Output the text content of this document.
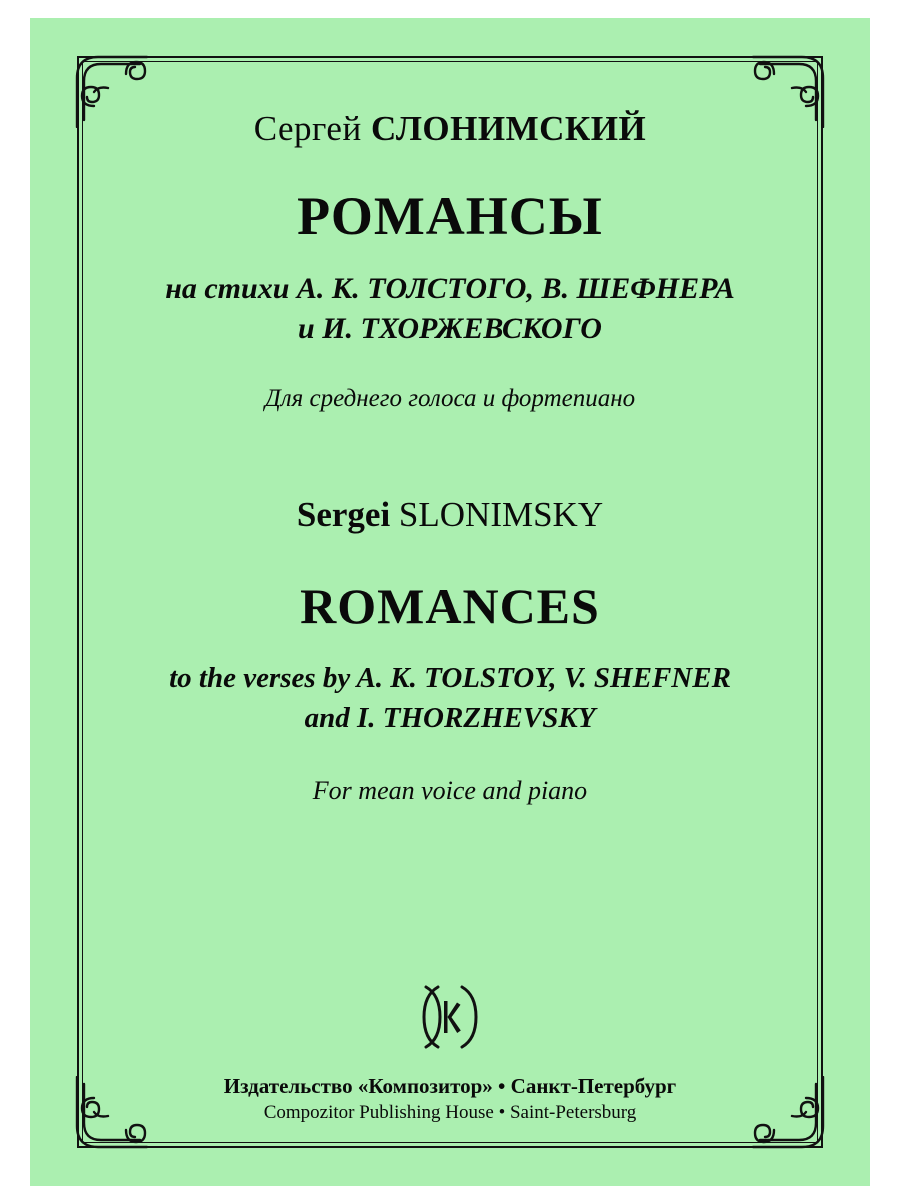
Сергей СЛОНИМСКИЙ
РОМАНСЫ
на стихи А. К. ТОЛСТОГО, В. ШЕФНЕРА
и И. ТХОРЖЕВСКОГО
Для среднего голоса и фортепиано
Sergei SLONIMSKY
ROMANCES
to the verses by A. K. TOLSTOY, V. SHEFNER
and I. THORZHEVSKY
For mean voice and piano
Издательство «Композитор» • Санкт-Петербург
Compozitor Publishing House • Saint-Petersburg
